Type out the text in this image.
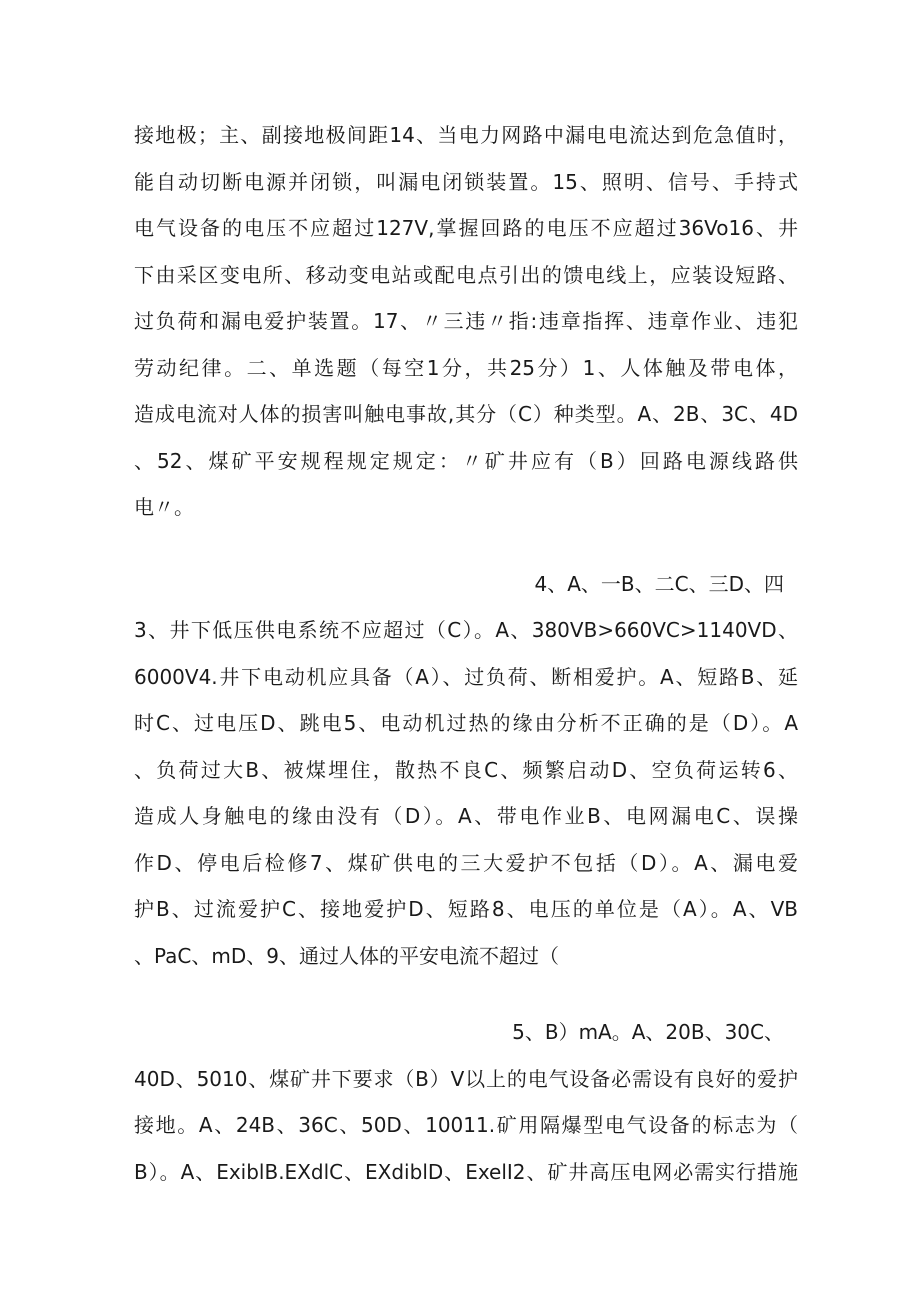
接地极；主、副接地极间距14、当电力网路中漏电电流达到危急值时，
能自动切断电源并闭锁，叫漏电闭锁装置。15、照明、信号、手持式
电气设备的电压不应超过127V,掌握回路的电压不应超过36Vo16、井
下由采区变电所、移动变电站或配电点引出的馈电线上，应装设短路、
过负荷和漏电爱护装置。17、〃三违〃指:违章指挥、违章作业、违犯
劳动纪律。二、单选题（每空1分，共25分）1、人体触及带电体，
造成电流对人体的损害叫触电事故,其分（C）种类型。A、2B、3C、4D
、52、煤矿平安规程规定规定：〃矿井应有（B）回路电源线路供
电〃。
4、A、一B、二C、三D、四
3、井下低压供电系统不应超过（C）。A、380VB>660VC>1140VD、
6000V4.井下电动机应具备（A）、过负荷、断相爱护。A、短路B、延
时C、过电压D、跳电5、电动机过热的缘由分析不正确的是（D）。A
、负荷过大B、被煤埋住，散热不良C、频繁启动D、空负荷运转6、
造成人身触电的缘由没有（D）。A、带电作业B、电网漏电C、误操
作D、停电后检修7、煤矿供电的三大爱护不包括（D）。A、漏电爱
护B、过流爱护C、接地爱护D、短路8、电压的单位是（A）。A、VB
、PaC、mD、9、通过人体的平安电流不超过（
5、B）mA。A、20B、30C、
40D、5010、煤矿井下要求（B）V以上的电气设备必需设有良好的爱护
接地。A、24B、36C、50D、10011.矿用隔爆型电气设备的标志为（
B）。A、ExiblB.EXdlC、EXdiblD、ExelI2、矿井高压电网必需实行措施
